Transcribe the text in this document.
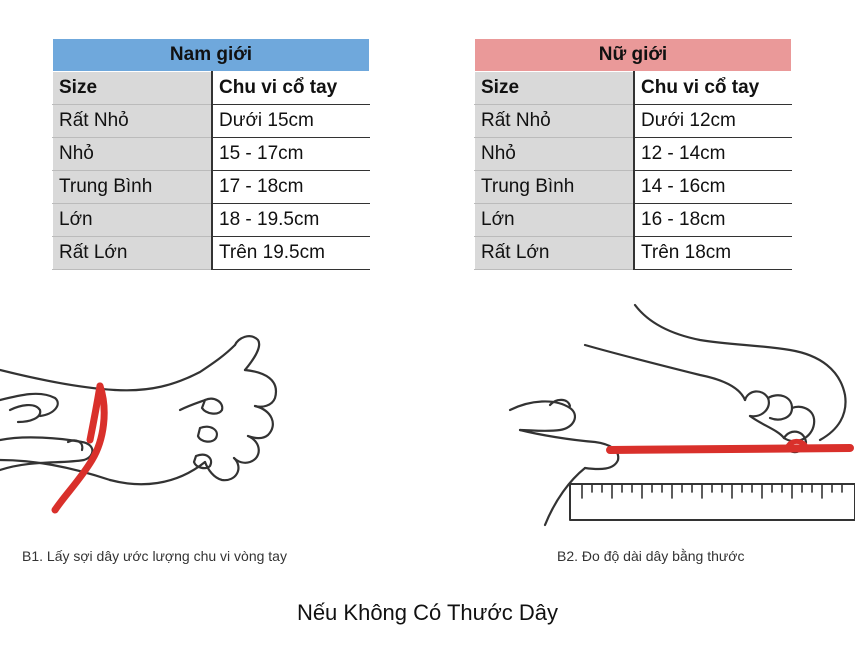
Nam giới	
Size	Chu vi cổ tay
Rất Nhỏ	Dưới 15cm
Nhỏ	15 - 17cm
Trung Bình	17 - 18cm
Lớn	18 - 19.5cm
Rất Lớn	Trên 19.5cm
Nữ giới	
Size	Chu vi cổ tay
Rất Nhỏ	Dưới 12cm
Nhỏ	12 - 14cm
Trung Bình	14 - 16cm
Lớn	16 - 18cm
Rất Lớn	Trên 18cm
B1. Lấy sợi dây ước lượng chu vi vòng tay	B2. Đo độ dài dây bằng thước
Nếu Không Có Thước Dây
